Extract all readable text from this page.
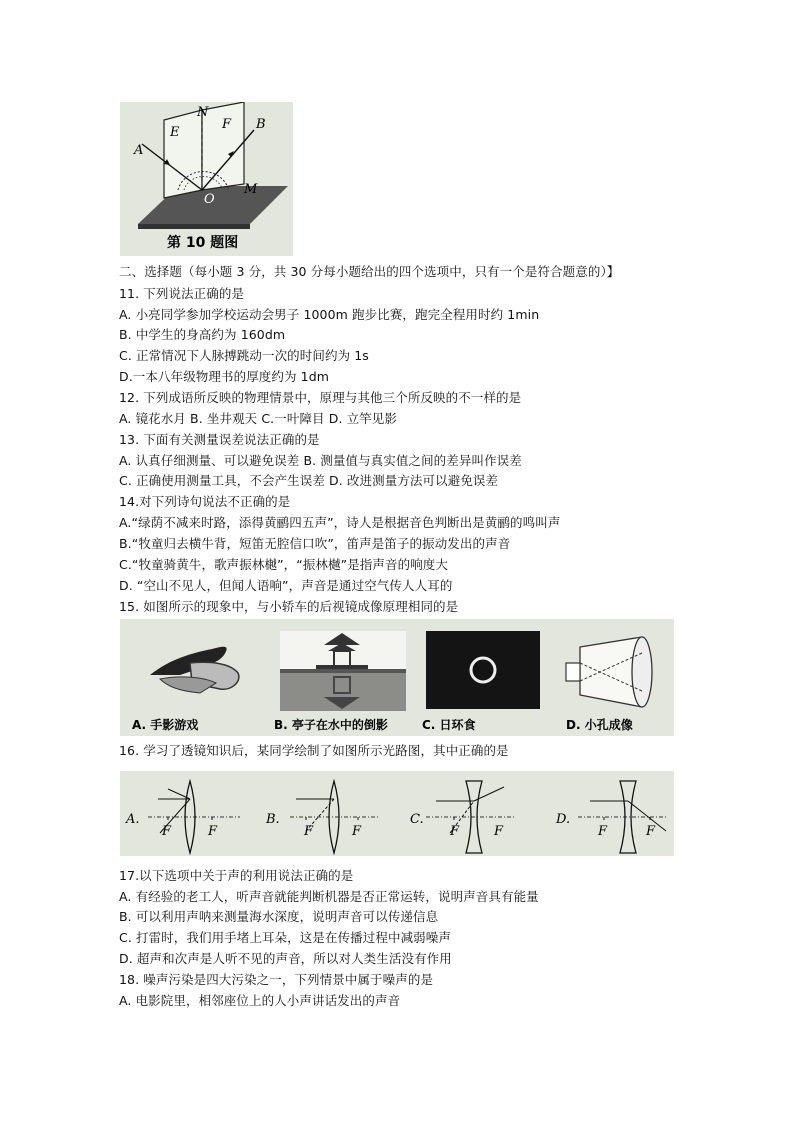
N
E
F B
A
O
M
第 10 题图
二、选择题（每小题 3 分，共 30 分每小题给出的四个选项中，只有一个是符合题意的）】
11. 下列说法正确的是
A. 小亮同学参加学校运动会男子 1000m 跑步比赛，跑完全程用时约 1min
B. 中学生的身高约为 160dm
C. 正常情况下人脉搏跳动一次的时间约为 1s
D.一本八年级物理书的厚度约为 1dm
12. 下列成语所反映的物理情景中，原理与其他三个所反映的不一样的是
A. 镜花水月 B. 坐井观天 C.一叶障目 D. 立竿见影
13. 下面有关测量误差说法正确的是
A. 认真仔细测量、可以避免误差 B. 测量值与真实值之间的差异叫作误差
C. 正确使用测量工具，不会产生误差 D. 改进测量方法可以避免误差
14.对下列诗句说法不正确的是
A.“绿荫不减来时路，添得黄鹂四五声”，诗人是根据音色判断出是黄鹂的鸣叫声
B.“牧童归去横牛背，短笛无腔信口吹”，笛声是笛子的振动发出的声音
C.“牧童骑黄牛，歌声振林樾”，“振林樾”是指声音的响度大
D. “空山不见人，但闻人语响”，声音是通过空气传人人耳的
15. 如图所示的现象中，与小轿车的后视镜成像原理相同的是
A. 手影游戏	B. 亭子在水中的倒影	C. 日环食	D. 小孔成像
16. 学习了透镜知识后，某同学绘制了如图所示光路图，其中正确的是
A.
F	F
B.
F	F
C.
F	F
D.
F	F
17.以下选项中关于声的利用说法正确的是
A. 有经验的老工人，听声音就能判断机器是否正常运转，说明声音具有能量
B. 可以利用声呐来测量海水深度，说明声音可以传递信息
C. 打雷时，我们用手堵上耳朵，这是在传播过程中减弱噪声
D. 超声和次声是人听不见的声音，所以对人类生活没有作用
18. 噪声污染是四大污染之一，下列情景中属于噪声的是
A. 电影院里，相邻座位上的人小声讲话发出的声音
